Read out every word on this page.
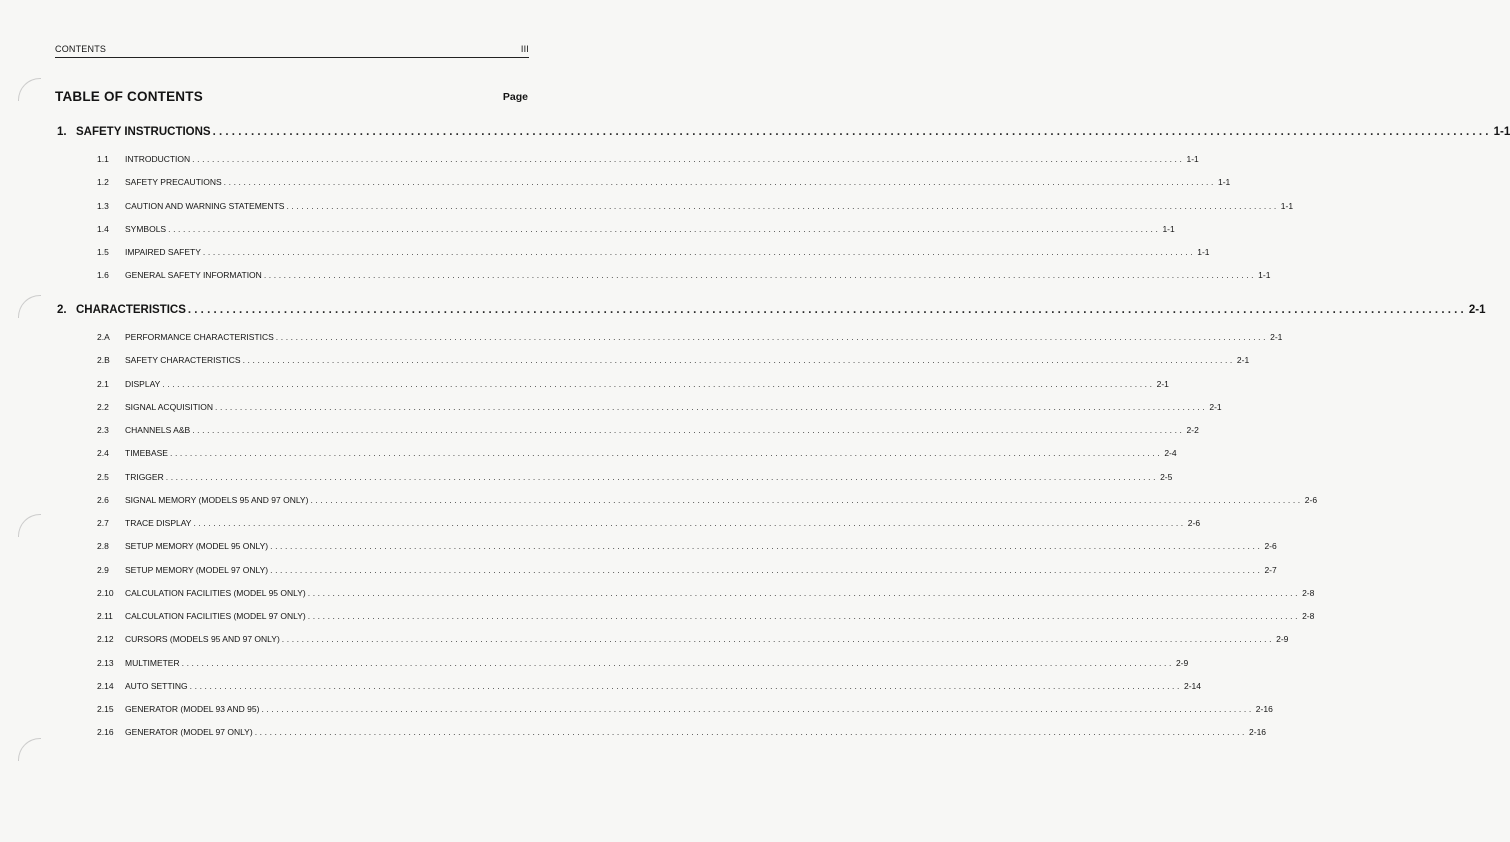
CONTENTS	III
TABLE OF CONTENTS	Page
1. SAFETY INSTRUCTIONS ........................................................................................................................................................................................................ 1-1
1.1	INTRODUCTION ........................................................................................................................................................................................................ 1-1
1.2	SAFETY PRECAUTIONS ........................................................................................................................................................................................................ 1-1
1.3	CAUTION AND WARNING STATEMENTS ........................................................................................................................................................................................................ 1-1
1.4	SYMBOLS ........................................................................................................................................................................................................ 1-1
1.5	IMPAIRED SAFETY ........................................................................................................................................................................................................ 1-1
1.6	GENERAL SAFETY INFORMATION ........................................................................................................................................................................................................ 1-1
2. CHARACTERISTICS ........................................................................................................................................................................................................ 2-1
2.A	PERFORMANCE CHARACTERISTICS ........................................................................................................................................................................................................ 2-1
2.B	SAFETY CHARACTERISTICS ........................................................................................................................................................................................................ 2-1
2.1	DISPLAY ........................................................................................................................................................................................................ 2-1
2.2	SIGNAL ACQUISITION ........................................................................................................................................................................................................ 2-1
2.3	CHANNELS A&B ........................................................................................................................................................................................................ 2-2
2.4	TIMEBASE ........................................................................................................................................................................................................ 2-4
2.5	TRIGGER ........................................................................................................................................................................................................ 2-5
2.6	SIGNAL MEMORY (MODELS 95 AND 97 ONLY) ........................................................................................................................................................................................................ 2-6
2.7	TRACE DISPLAY ........................................................................................................................................................................................................ 2-6
2.8	SETUP MEMORY (MODEL 95 ONLY) ........................................................................................................................................................................................................ 2-6
2.9	SETUP MEMORY (MODEL 97 ONLY) ........................................................................................................................................................................................................ 2-7
2.10	CALCULATION FACILITIES (MODEL 95 ONLY) ........................................................................................................................................................................................................ 2-8
2.11	CALCULATION FACILITIES (MODEL 97 ONLY) ........................................................................................................................................................................................................ 2-8
2.12	CURSORS (MODELS 95 AND 97 ONLY) ........................................................................................................................................................................................................ 2-9
2.13	MULTIMETER ........................................................................................................................................................................................................ 2-9
2.14	AUTO SETTING ........................................................................................................................................................................................................ 2-14
2.15	GENERATOR (MODEL 93 AND 95) ........................................................................................................................................................................................................ 2-16
2.16	GENERATOR (MODEL 97 ONLY) ........................................................................................................................................................................................................ 2-16
